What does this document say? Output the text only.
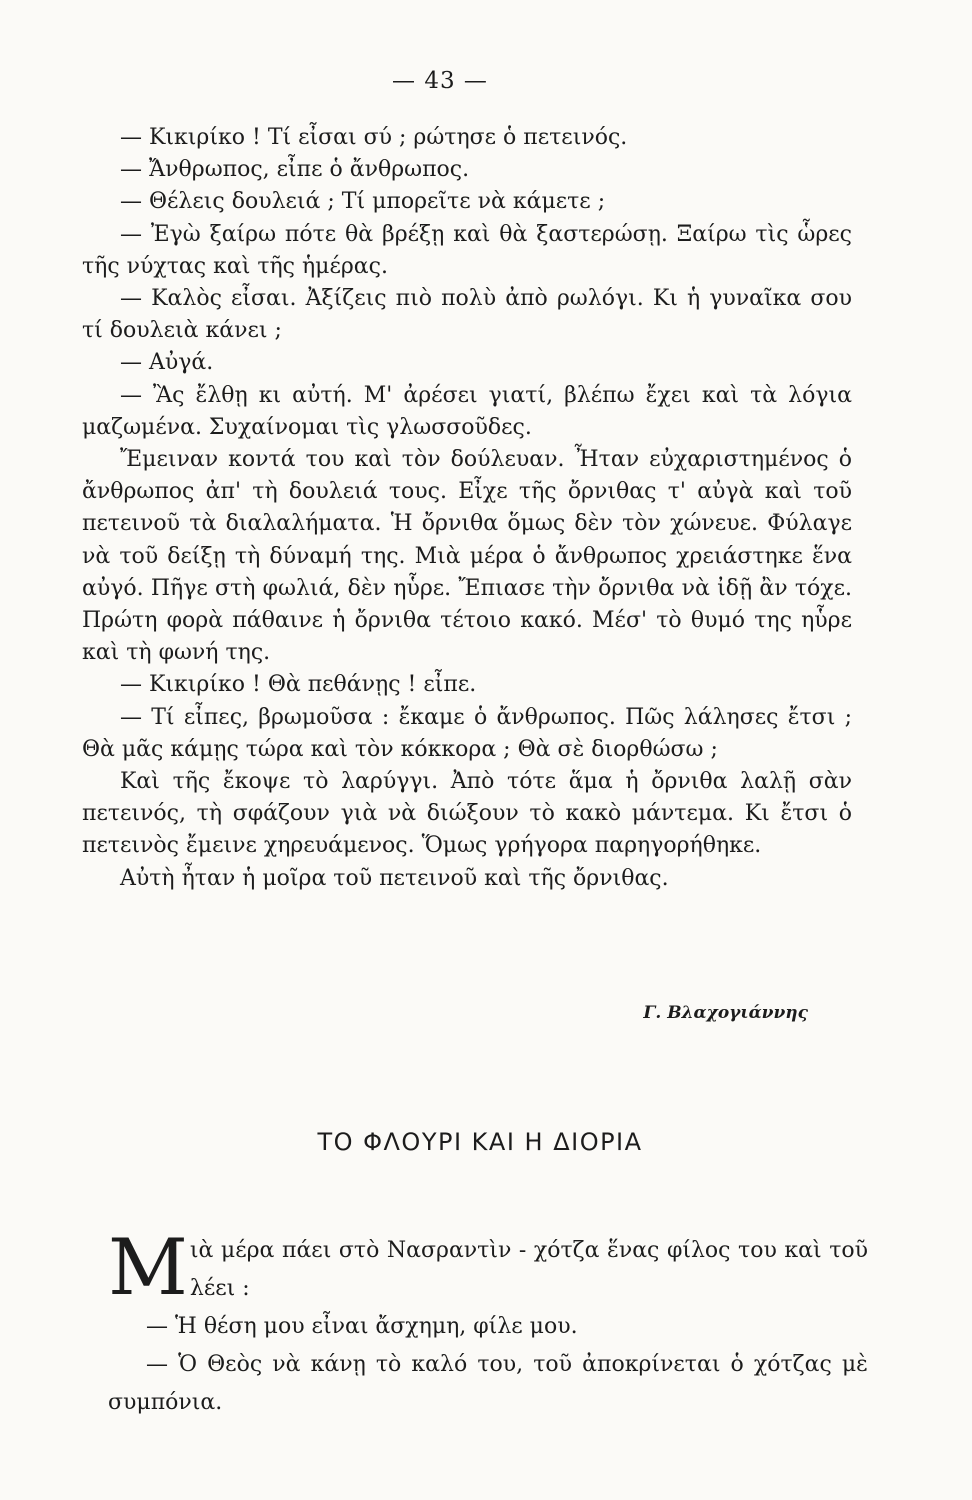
— 43 —

— Κικιρίκο ! Τί εἶσαι σύ ; ρώτησε ὁ πετεινός.

— Ἄνθρωπος, εἶπε ὁ ἄνθρωπος.

— Θέλεις δουλειά ; Τί μπορεῖτε νὰ κάμετε ;

— Ἐγὼ ξαίρω πότε θὰ βρέξῃ καὶ θὰ ξαστερώσῃ. Ξαίρω τὶς ὧρες τῆς νύχτας καὶ τῆς ἡμέρας.

— Καλὸς εἶσαι. Ἀξίζεις πιὸ πολὺ ἀπὸ ρωλόγι. Κι ἡ γυναῖκα σου τί δουλειὰ κάνει ;

— Αὐγά.

— Ἂς ἔλθῃ κι αὐτή. Μ' ἀρέσει γιατί, βλέπω ἔχει καὶ τὰ λόγια μαζωμένα. Συχαίνομαι τὶς γλωσσοῦδες.

Ἔμειναν κοντά του καὶ τὸν δούλευαν. Ἦταν εὐχαριστημένος ὁ ἄνθρωπος ἀπ' τὴ δουλειά τους. Εἶχε τῆς ὄρνιθας τ' αὐγὰ καὶ τοῦ πετεινοῦ τὰ διαλαλήματα. Ἡ ὄρνιθα ὅμως δὲν τὸν χώνευε. Φύλαγε νὰ τοῦ δείξῃ τὴ δύναμή της. Μιὰ μέρα ὁ ἄνθρωπος χρειάστηκε ἕνα αὐγό. Πῆγε στὴ φωλιά, δὲν ηὗρε. Ἔπιασε τὴν ὄρνιθα νὰ ἰδῇ ἂν τόχε. Πρώτη φορὰ πάθαινε ἡ ὄρνιθα τέτοιο κακό. Μέσ' τὸ θυμό της ηὗρε καὶ τὴ φωνή της.

— Κικιρίκο ! Θὰ πεθάνῃς ! εἶπε.

— Τί εἶπες, βρωμοῦσα : ἔκαμε ὁ ἄνθρωπος. Πῶς λάλησες ἔτσι ; Θὰ μᾶς κάμῃς τώρα καὶ τὸν κόκκορα ; Θὰ σὲ διορθώσω ;

Καὶ τῆς ἔκοψε τὸ λαρύγγι. Ἀπὸ τότε ἅμα ἡ ὄρνιθα λαλῇ σὰν πετεινός, τὴ σφάζουν γιὰ νὰ διώξουν τὸ κακὸ μάντεμα. Κι ἔτσι ὁ πετεινὸς ἔμεινε χηρευάμενος. Ὅμως γρήγορα παρηγορήθηκε.

Αὐτὴ ἦταν ἡ μοῖρα τοῦ πετεινοῦ καὶ τῆς ὄρνιθας.

Γ. Βλαχογιάννης
ΤΟ ΦΛΟΥΡΙ ΚΑΙ Η ΔΙΟΡΙΑ

Μιὰ μέρα πάει στὸ Νασραντὶν - χότζα ἕνας φίλος του καὶ τοῦ λέει :

— Ἡ θέση μου εἶναι ἄσχημη, φίλε μου.

— Ὁ Θεὸς νὰ κάνῃ τὸ καλό του, τοῦ ἀποκρίνεται ὁ χότζας μὲ συμπόνια.
